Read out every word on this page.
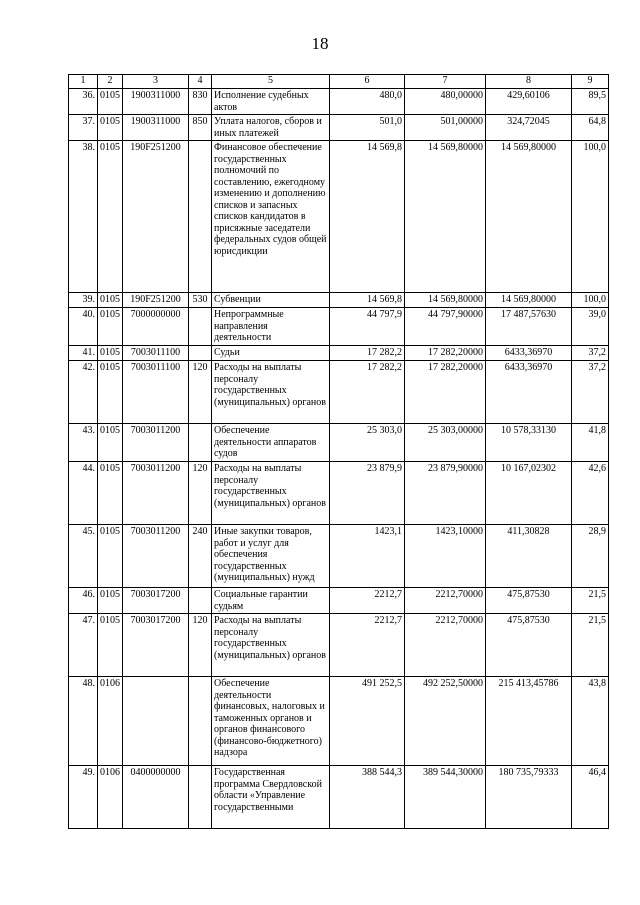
18
1	2	3	4	5	6	7	8	9
36.	0105	1900311000	830	Исполнение судебных актов	480,0	480,00000	429,60106	89,5
37.	0105	1900311000	850	Уплата налогов, сборов и иных платежей	501,0	501,00000	324,72045	64,8
38.	0105	190F251200		Финансовое обеспечение государственных полномочий по составлению, ежегодному изменению и дополнению списков и запасных списков кандидатов в присяжные заседатели федеральных судов общей юрисдикции	14 569,8	14 569,80000	14 569,80000	100,0
39.	0105	190F251200	530	Субвенции	14 569,8	14 569,80000	14 569,80000	100,0
40.	0105	7000000000		Непрограммные направления деятельности	44 797,9	44 797,90000	17 487,57630	39,0
41.	0105	7003011100		Судьи	17 282,2	17 282,20000	6433,36970	37,2
42.	0105	7003011100	120	Расходы на выплаты персоналу государственных (муниципальных) органов	17 282,2	17 282,20000	6433,36970	37,2
43.	0105	7003011200		Обеспечение деятельности аппаратов судов	25 303,0	25 303,00000	10 578,33130	41,8
44.	0105	7003011200	120	Расходы на выплаты персоналу государственных (муниципальных) органов	23 879,9	23 879,90000	10 167,02302	42,6
45.	0105	7003011200	240	Иные закупки товаров, работ и услуг для обеспечения государственных (муниципальных) нужд	1423,1	1423,10000	411,30828	28,9
46.	0105	7003017200		Социальные гарантии судьям	2212,7	2212,70000	475,87530	21,5
47.	0105	7003017200	120	Расходы на выплаты персоналу государственных (муниципальных) органов	2212,7	2212,70000	475,87530	21,5
48.	0106			Обеспечение деятельности финансовых, налоговых и таможенных органов и органов финансового (финансово-бюджетного) надзора	491 252,5	492 252,50000	215 413,45786	43,8
49.	0106	0400000000		Государственная программа Свердловской области «Управление государственными	388 544,3	389 544,30000	180 735,79333	46,4
